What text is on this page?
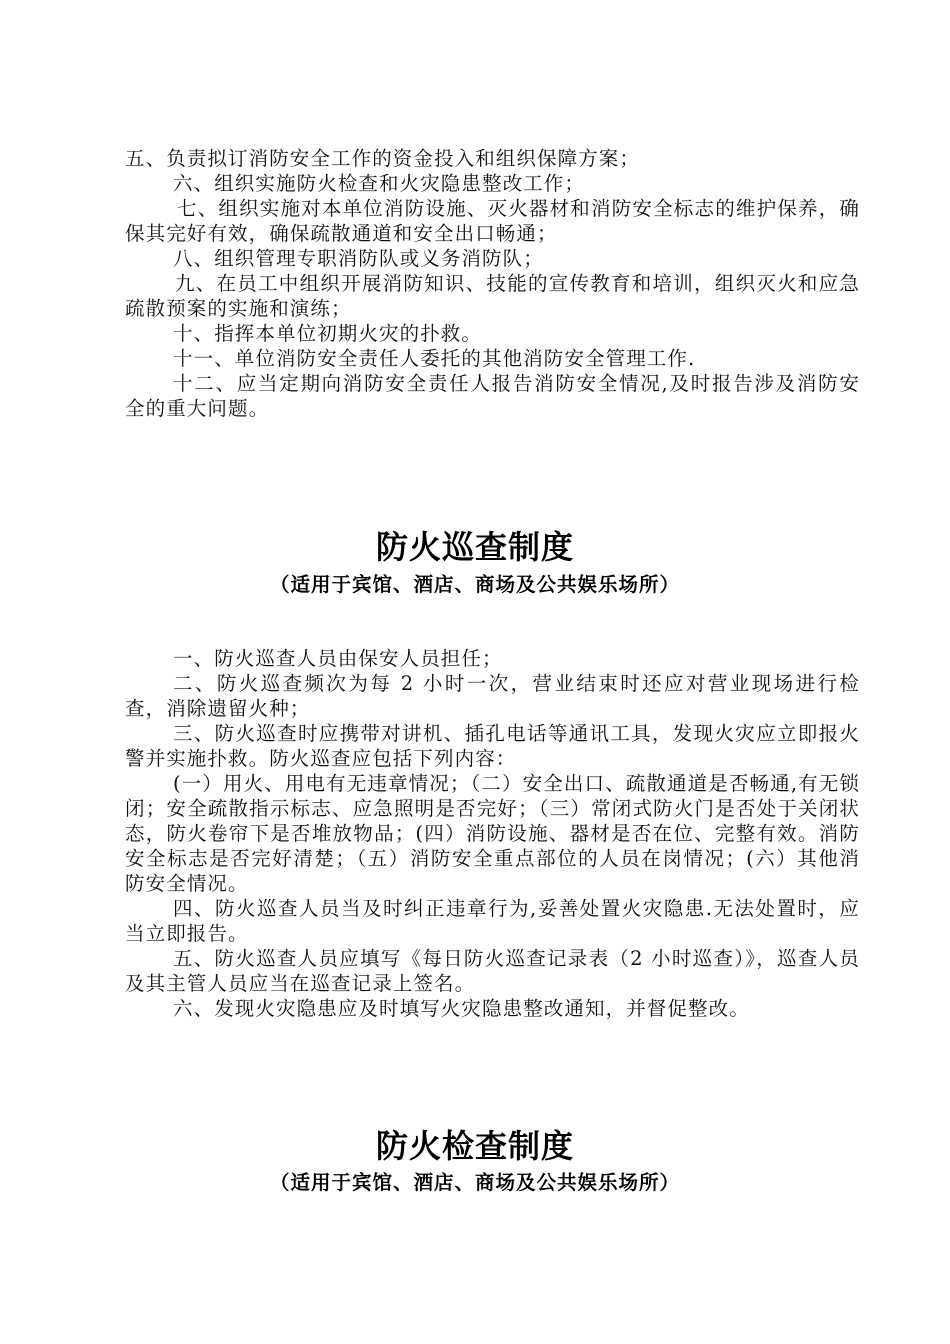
五、负责拟订消防安全工作的资金投入和组织保障方案；
六、组织实施防火检查和火灾隐患整改工作；
七、组织实施对本单位消防设施、灭火器材和消防安全标志的维护保养，确保其完好有效，确保疏散通道和安全出口畅通；
八、组织管理专职消防队或义务消防队；
九、在员工中组织开展消防知识、技能的宣传教育和培训，组织灭火和应急疏散预案的实施和演练；
十、指挥本单位初期火灾的扑救。
十一、单位消防安全责任人委托的其他消防安全管理工作.
十二、应当定期向消防安全责任人报告消防安全情况,及时报告涉及消防安全的重大问题。
防火巡查制度
（适用于宾馆、酒店、商场及公共娱乐场所）
一、防火巡查人员由保安人员担任；
二、防火巡查频次为每 2 小时一次，营业结束时还应对营业现场进行检查，消除遗留火种；
三、防火巡查时应携带对讲机、插孔电话等通讯工具，发现火灾应立即报火警并实施扑救。防火巡查应包括下列内容：
(一）用火、用电有无违章情况；（二）安全出口、疏散通道是否畅通,有无锁闭；安全疏散指示标志、应急照明是否完好；（三）常闭式防火门是否处于关闭状态，防火卷帘下是否堆放物品；(四）消防设施、器材是否在位、完整有效。消防安全标志是否完好清楚；（五）消防安全重点部位的人员在岗情况；(六）其他消防安全情况。
四、防火巡查人员当及时纠正违章行为,妥善处置火灾隐患.无法处置时，应当立即报告。
五、防火巡查人员应填写《每日防火巡查记录表（2 小时巡查）》，巡查人员及其主管人员应当在巡查记录上签名。
六、发现火灾隐患应及时填写火灾隐患整改通知，并督促整改。
防火检查制度
（适用于宾馆、酒店、商场及公共娱乐场所）
